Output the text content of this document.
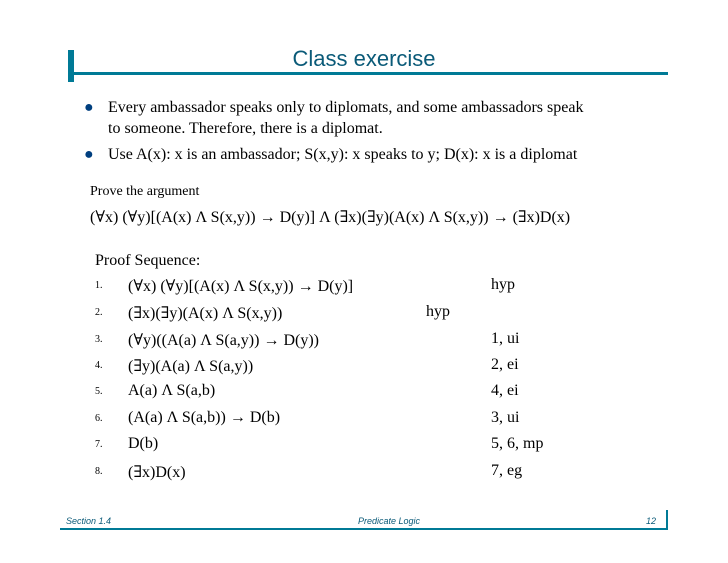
Class exercise
● Every ambassador speaks only to diplomats, and some ambassadors speak
to someone. Therefore, there is a diplomat.
● Use A(x): x is an ambassador; S(x,y): x speaks to y; D(x): x is a diplomat
Prove the argument
(∀x) (∀y)[(A(x) Λ S(x,y)) → D(y)] Λ (∃x)(∃y)(A(x) Λ S(x,y)) → (∃x)D(x)
Proof Sequence:
1. (∀x) (∀y)[(A(x) Λ S(x,y)) → D(y)]	hyp
2. (∃x)(∃y)(A(x) Λ S(x,y))	hyp
3. (∀y)((A(a) Λ S(a,y)) → D(y))	1, ui
4. (∃y)(A(a) Λ S(a,y))	2, ei
5. A(a) Λ S(a,b)	4, ei
6. (A(a) Λ S(a,b)) → D(b)	3, ui
7. D(b)	5, 6, mp
8. (∃x)D(x)	7, eg
Section 1.4	Predicate Logic	12
